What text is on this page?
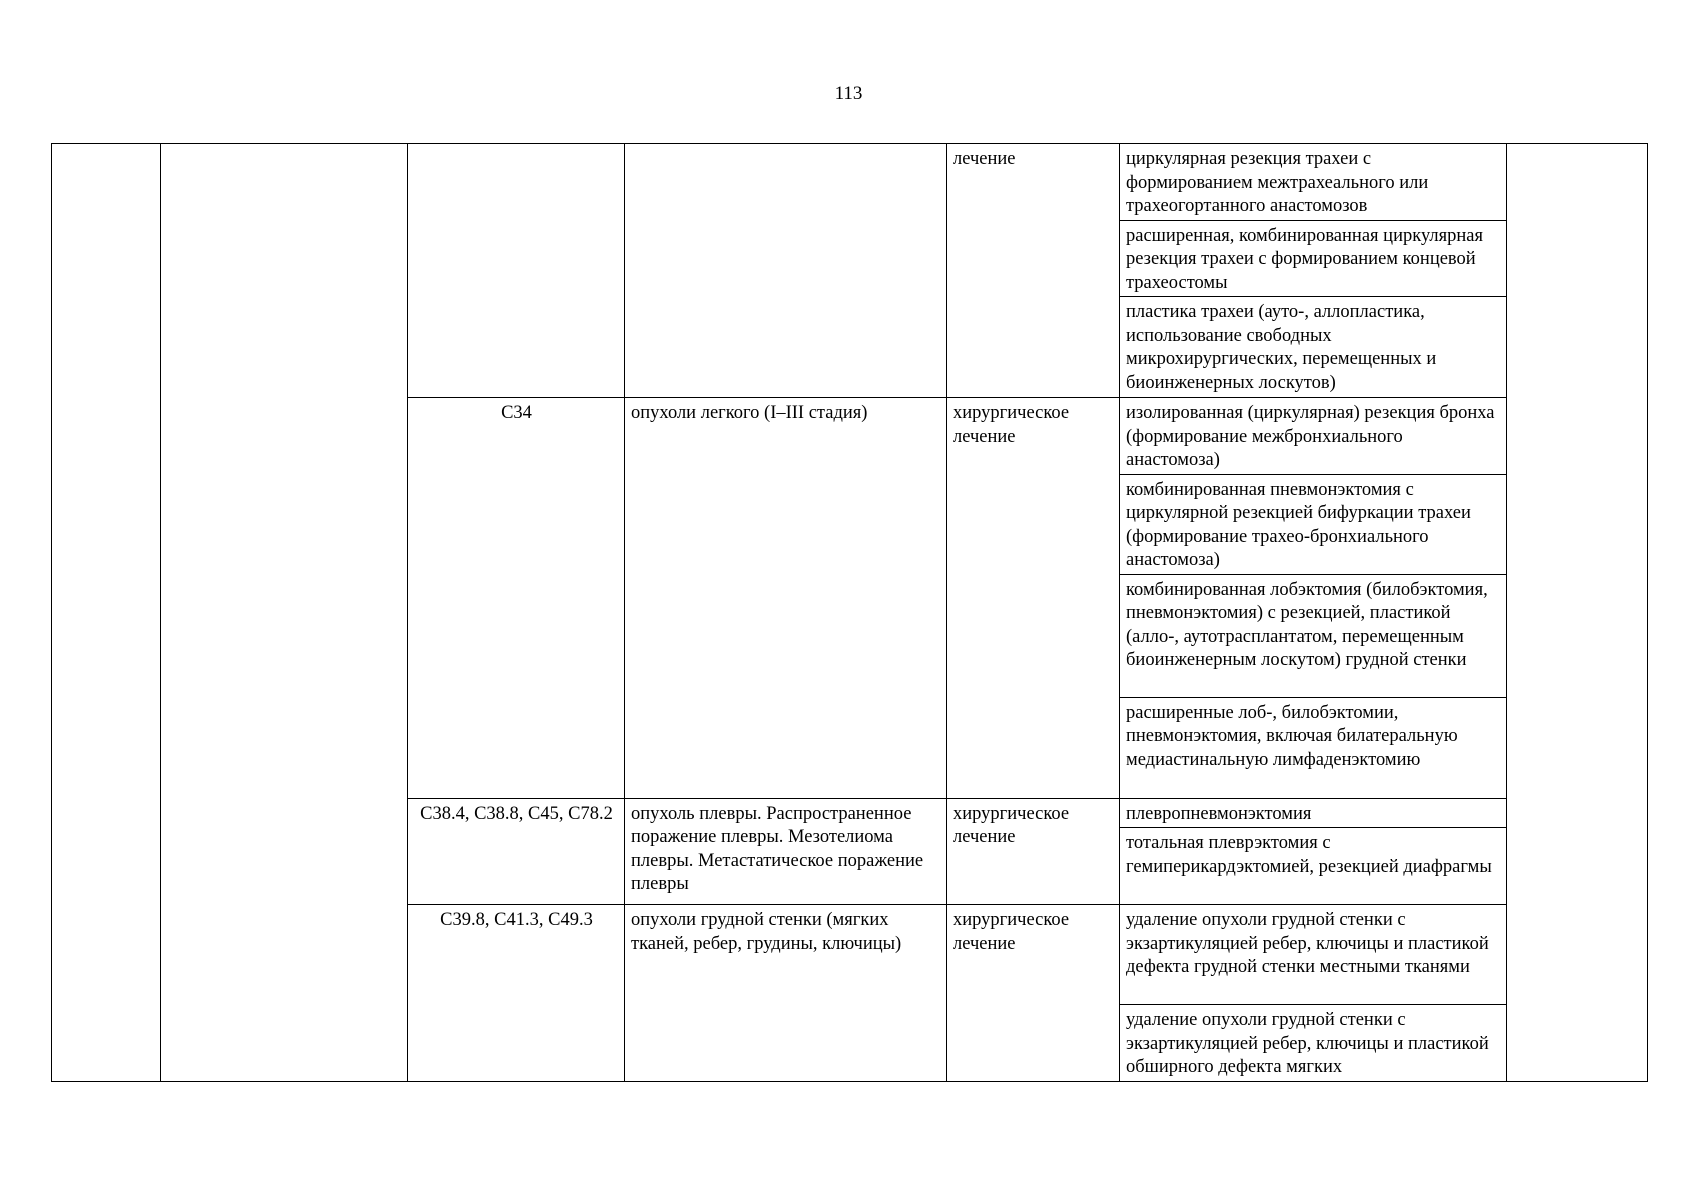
113
				лечение	циркулярная резекция трахеи с формированием межтрахеального или трахеогортанного анастомозов	
					расширенная, комбинированная циркулярная резекция трахеи с формированием концевой трахеостомы	
					пластика трахеи (ауто-, аллопластика, использование свободных микрохирургических, перемещенных и биоинженерных лоскутов)	
		C34	опухоли легкого (I–III стадия)	хирургическое лечение	изолированная (циркулярная) резекция бронха (формирование межбронхиального анастомоза)	
					комбинированная пневмонэктомия с циркулярной резекцией бифуркации трахеи (формирование трахео-бронхиального анастомоза)	
					комбинированная лобэктомия (билобэктомия, пневмонэктомия) с резекцией, пластикой (алло-, аутотрасплантатом, перемещенным биоинженерным лоскутом) грудной стенки	
					расширенные лоб-, билобэктомии, пневмонэктомия, включая билатеральную медиастинальную лимфаденэктомию	
		C38.4, C38.8, C45, C78.2	опухоль плевры. Распространенное поражение плевры. Мезотелиома плевры. Метастатическое поражение плевры	хирургическое лечение	плевропневмонэктомия	
					тотальная плеврэктомия с гемиперикардэктомией, резекцией диафрагмы	
		C39.8, C41.3, C49.3	опухоли грудной стенки (мягких тканей, ребер, грудины, ключицы)	хирургическое лечение	удаление опухоли грудной стенки с экзартикуляцией ребер, ключицы и пластикой дефекта грудной стенки местными тканями	
					удаление опухоли грудной стенки с экзартикуляцией ребер, ключицы и пластикой обширного дефекта мягких	
